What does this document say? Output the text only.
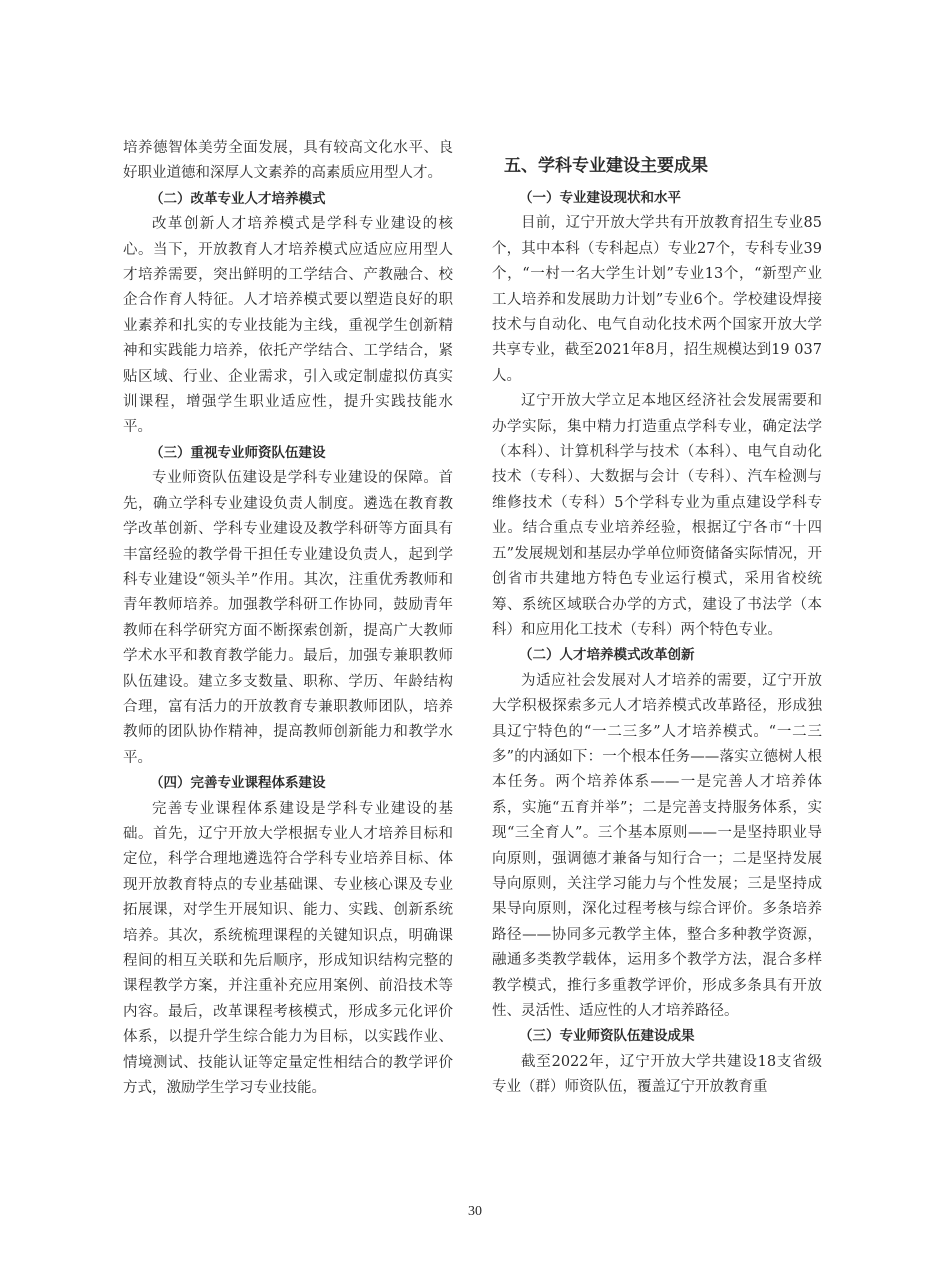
培养德智体美劳全面发展，具有较高文化水平、良好职业道德和深厚人文素养的高素质应用型人才。

（二）改革专业人才培养模式

改革创新人才培养模式是学科专业建设的核心。当下，开放教育人才培养模式应适应应用型人才培养需要，突出鲜明的工学结合、产教融合、校企合作育人特征。人才培养模式要以塑造良好的职业素养和扎实的专业技能为主线，重视学生创新精神和实践能力培养，依托产学结合、工学结合，紧贴区域、行业、企业需求，引入或定制虚拟仿真实训课程，增强学生职业适应性，提升实践技能水平。

（三）重视专业师资队伍建设

专业师资队伍建设是学科专业建设的保障。首先，确立学科专业建设负责人制度。遴选在教育教学改革创新、学科专业建设及教学科研等方面具有丰富经验的教学骨干担任专业建设负责人，起到学科专业建设“领头羊”作用。其次，注重优秀教师和青年教师培养。加强教学科研工作协同，鼓励青年教师在科学研究方面不断探索创新，提高广大教师学术水平和教育教学能力。最后，加强专兼职教师队伍建设。建立多支数量、职称、学历、年龄结构合理，富有活力的开放教育专兼职教师团队，培养教师的团队协作精神，提高教师创新能力和教学水平。

（四）完善专业课程体系建设

完善专业课程体系建设是学科专业建设的基础。首先，辽宁开放大学根据专业人才培养目标和定位，科学合理地遴选符合学科专业培养目标、体现开放教育特点的专业基础课、专业核心课及专业拓展课，对学生开展知识、能力、实践、创新系统培养。其次，系统梳理课程的关键知识点，明确课程间的相互关联和先后顺序，形成知识结构完整的课程教学方案，并注重补充应用案例、前沿技术等内容。最后，改革课程考核模式，形成多元化评价体系，以提升学生综合能力为目标，以实践作业、情境测试、技能认证等定量定性相结合的教学评价方式，激励学生学习专业技能。

五、学科专业建设主要成果
（一）专业建设现状和水平

目前，辽宁开放大学共有开放教育招生专业85个，其中本科（专科起点）专业27个，专科专业39个，“一村一名大学生计划”专业13个，“新型产业工人培养和发展助力计划”专业6个。学校建设焊接技术与自动化、电气自动化技术两个国家开放大学共享专业，截至2021年8月，招生规模达到19 037人。

辽宁开放大学立足本地区经济社会发展需要和办学实际，集中精力打造重点学科专业，确定法学（本科）、计算机科学与技术（本科）、电气自动化技术（专科）、大数据与会计（专科）、汽车检测与维修技术（专科）5个学科专业为重点建设学科专业。结合重点专业培养经验，根据辽宁各市“十四五”发展规划和基层办学单位师资储备实际情况，开创省市共建地方特色专业运行模式，采用省校统筹、系统区域联合办学的方式，建设了书法学（本科）和应用化工技术（专科）两个特色专业。

（二）人才培养模式改革创新

为适应社会发展对人才培养的需要，辽宁开放大学积极探索多元人才培养模式改革路径，形成独具辽宁特色的“一二三多”人才培养模式。“一二三多”的内涵如下：一个根本任务——落实立德树人根本任务。两个培养体系——一是完善人才培养体系，实施“五育并举”；二是完善支持服务体系，实现“三全育人”。三个基本原则——一是坚持职业导向原则，强调德才兼备与知行合一；二是坚持发展导向原则，关注学习能力与个性发展；三是坚持成果导向原则，深化过程考核与综合评价。多条培养路径——协同多元教学主体，整合多种教学资源，融通多类教学载体，运用多个教学方法，混合多样教学模式，推行多重教学评价，形成多条具有开放性、灵活性、适应性的人才培养路径。

（三）专业师资队伍建设成果

截至2022年，辽宁开放大学共建设18支省级专业（群）师资队伍，覆盖辽宁开放教育重

30
